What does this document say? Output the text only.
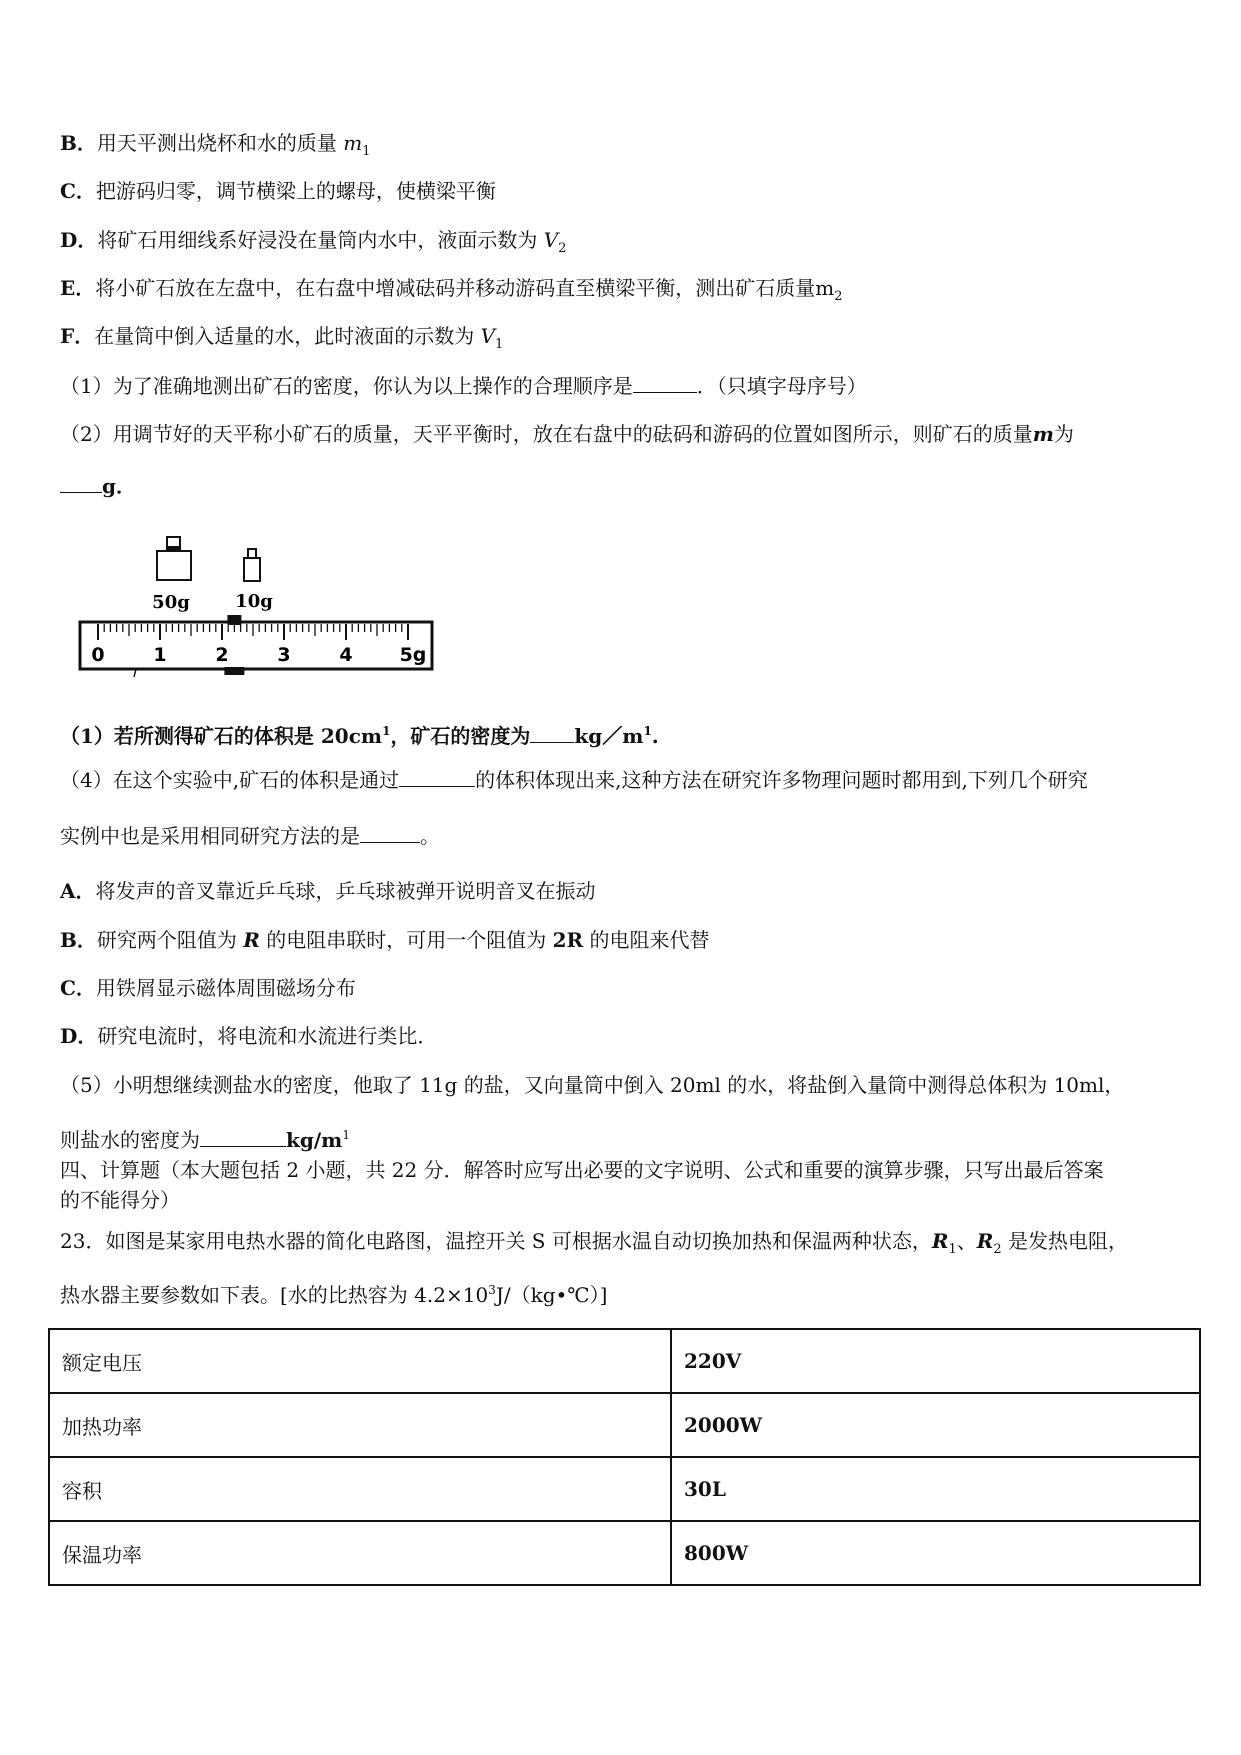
B．用天平测出烧杯和水的质量 $m_1$
C．把游码归零，调节横梁上的螺母，使横梁平衡
D．将矿石用细线系好浸没在量筒内水中，液面示数为 $V_2$
E．将小矿石放在左盘中，在右盘中增减砝码并移动游码直至横梁平衡，测出矿石质量$m_2$
F．在量筒中倒入适量的水，此时液面的示数为 $V_1$
（1）为了准确地测出矿石的密度，你认为以上操作的合理顺序是	．（只填字母序号）
（2）用调节好的天平称小矿石的质量，天平平衡时，放在右盘中的砝码和游码的位置如图所示，则矿石的质量m为
g．
50g	10g
0	1	2	3	4 5g
（1）若所测得矿石的体积是 $20cm^1$，矿石的密度为 $kg/m^1$.
（4）在这个实验中,矿石的体积是通过	的体积体现出来,这种方法在研究许多物理问题时都用到,下列几个研究
实例中也是采用相同研究方法的是	。
A．将发声的音叉靠近乒乓球，乒乓球被弹开说明音叉在振动
B．研究两个阻值为 R 的电阻串联时，可用一个阻值为 2R 的电阻来代替
C．用铁屑显示磁体周围磁场分布
D．研究电流时，将电流和水流进行类比．
（5）小明想继续测盐水的密度，他取了 11g 的盐，又向量筒中倒入 20ml 的水，将盐倒入量筒中测得总体积为 10ml，
则盐水的密度为	$kg/m^1$
四、计算题（本大题包括 2 小题，共 22 分．解答时应写出必要的文字说明、公式和重要的演算步骤，只写出最后答案
的不能得分）
23．如图是某家用电热水器的简化电路图，温控开关 S 可根据水温自动切换加热和保温两种状态，$R_1$、$R_2$ 是发热电阻，
热水器主要参数如下表。[水的比热容为 $4.2\times 10^3J/(kg•℃)$]
额定电压	220V
加热功率	2000W
容积	30L
保温功率	800W
